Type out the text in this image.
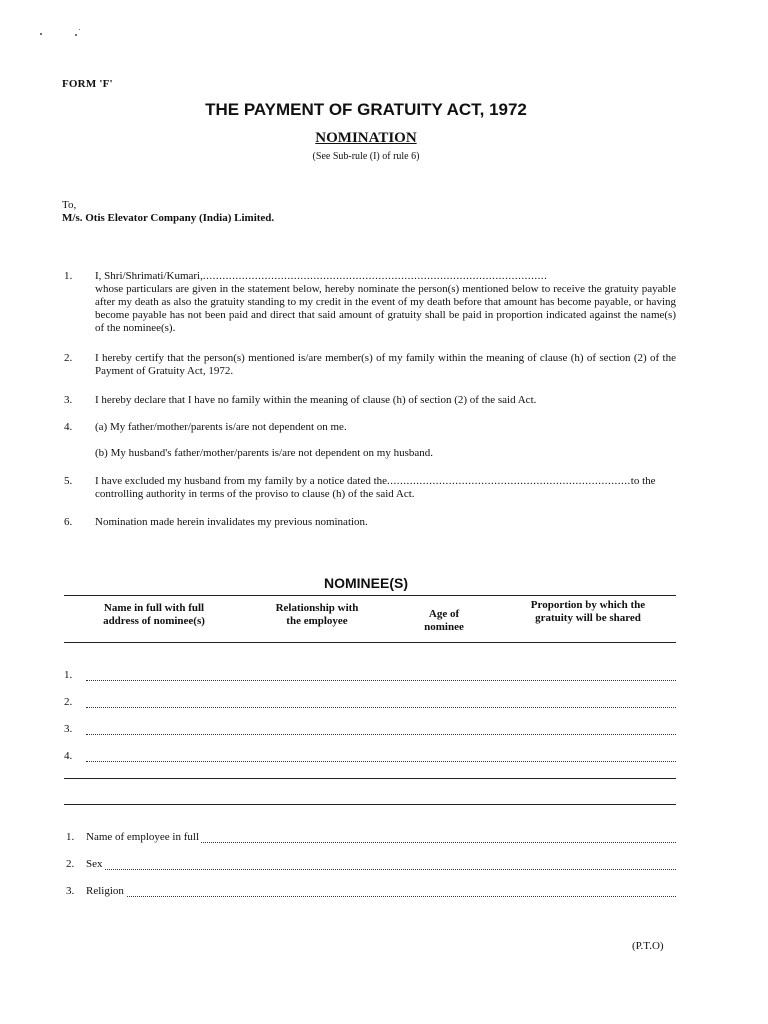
FORM 'F'
THE PAYMENT OF GRATUITY ACT, 1972
NOMINATION
(See Sub-rule (I) of rule 6)
To,
M/s. Otis Elevator Company (India) Limited.
1. I, Shri/Shrimati/Kumari,..........................................................................................................

whose particulars are given in the statement below, hereby nominate the person(s) mentioned below to receive the gratuity payable after my death as also the gratuity standing to my credit in the event of my death before that amount has become payable, or having become payable has not been paid and direct that said amount of gratuity shall be paid in proportion indicated against the name(s) of the nominee(s).

2. I hereby certify that the person(s) mentioned is/are member(s) of my family within the meaning of clause (h) of section (2) of the Payment of Gratuity Act, 1972.

3. I hereby declare that I have no family within the meaning of clause (h) of section (2) of the said Act.

4. (a) My father/mother/parents is/are not dependent on me.

(b) My husband's father/mother/parents is/are not dependent on my husband.

5. I have excluded my husband from my family by a notice dated the...........................................................................to the

controlling authority in terms of the proviso to clause (h) of the said Act.

6. Nomination made herein invalidates my previous nomination.

NOMINEE(S)
Name in full with full address of nominee(s)
Relationship with the employee
Age of nominee
Proportion by which the gratuity will be shared
1.
2.
3.
4.
1. Name of employee in full
2. Sex
3. Religion
(P.T.O)
